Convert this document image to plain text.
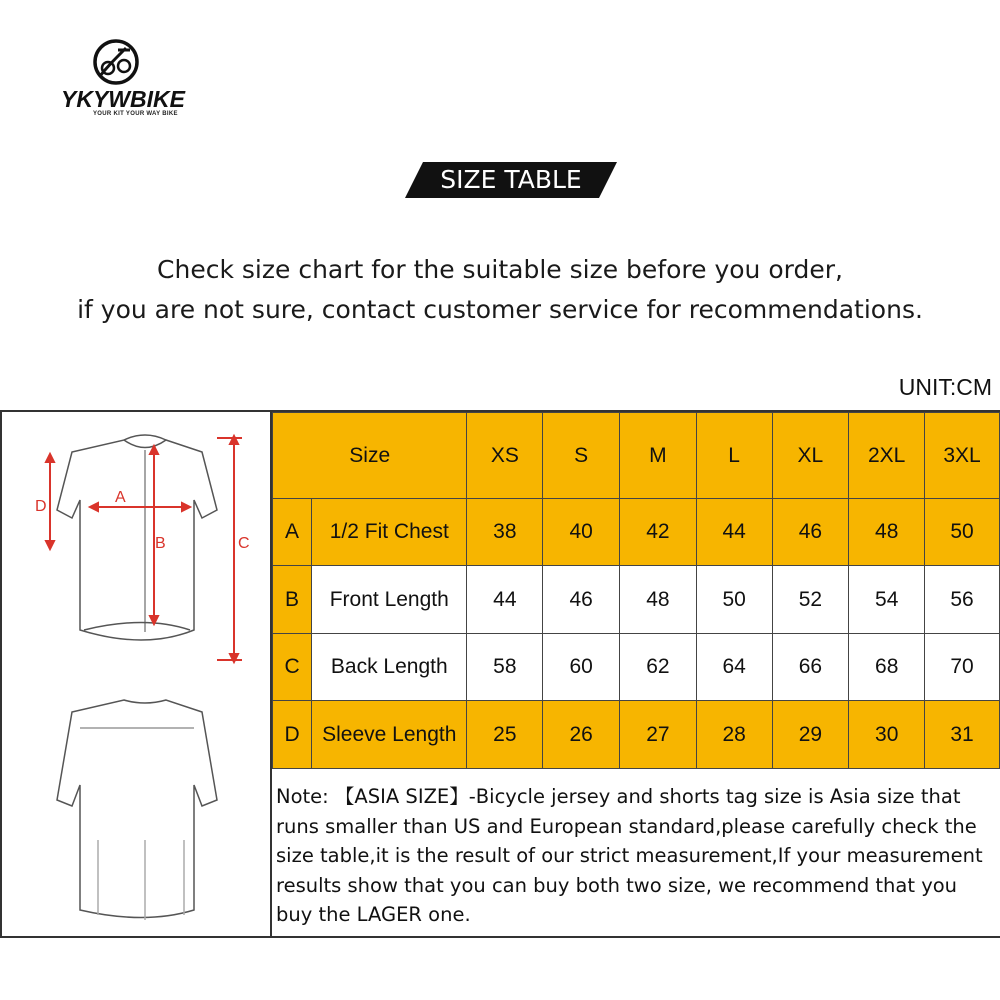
YKYWBIKE
YOUR KIT YOUR WAY BIKE
SIZE TABLE
Check size chart for the suitable size before you order,
if you are not sure, contact customer service for recommendations.
UNIT:CM
D
A
B	C
Size		XS	S	M	L	XL	2XL	3XL
A	1/2 Fit Chest	38	40	42	44	46	48	50
B	Front Length	44	46	48	50	52	54	56
C	Back Length	58	60	62	64	66	68	70
D	Sleeve Length	25	26	27	28	29	30	31
Note: 【ASIA SIZE】-Bicycle jersey and shorts tag size is Asia size that
runs smaller than US and European standard,please carefully check the
size table,it is the result of our strict measurement,If your measurement
results show that you can buy both two size, we recommend that you
buy the LAGER one.
